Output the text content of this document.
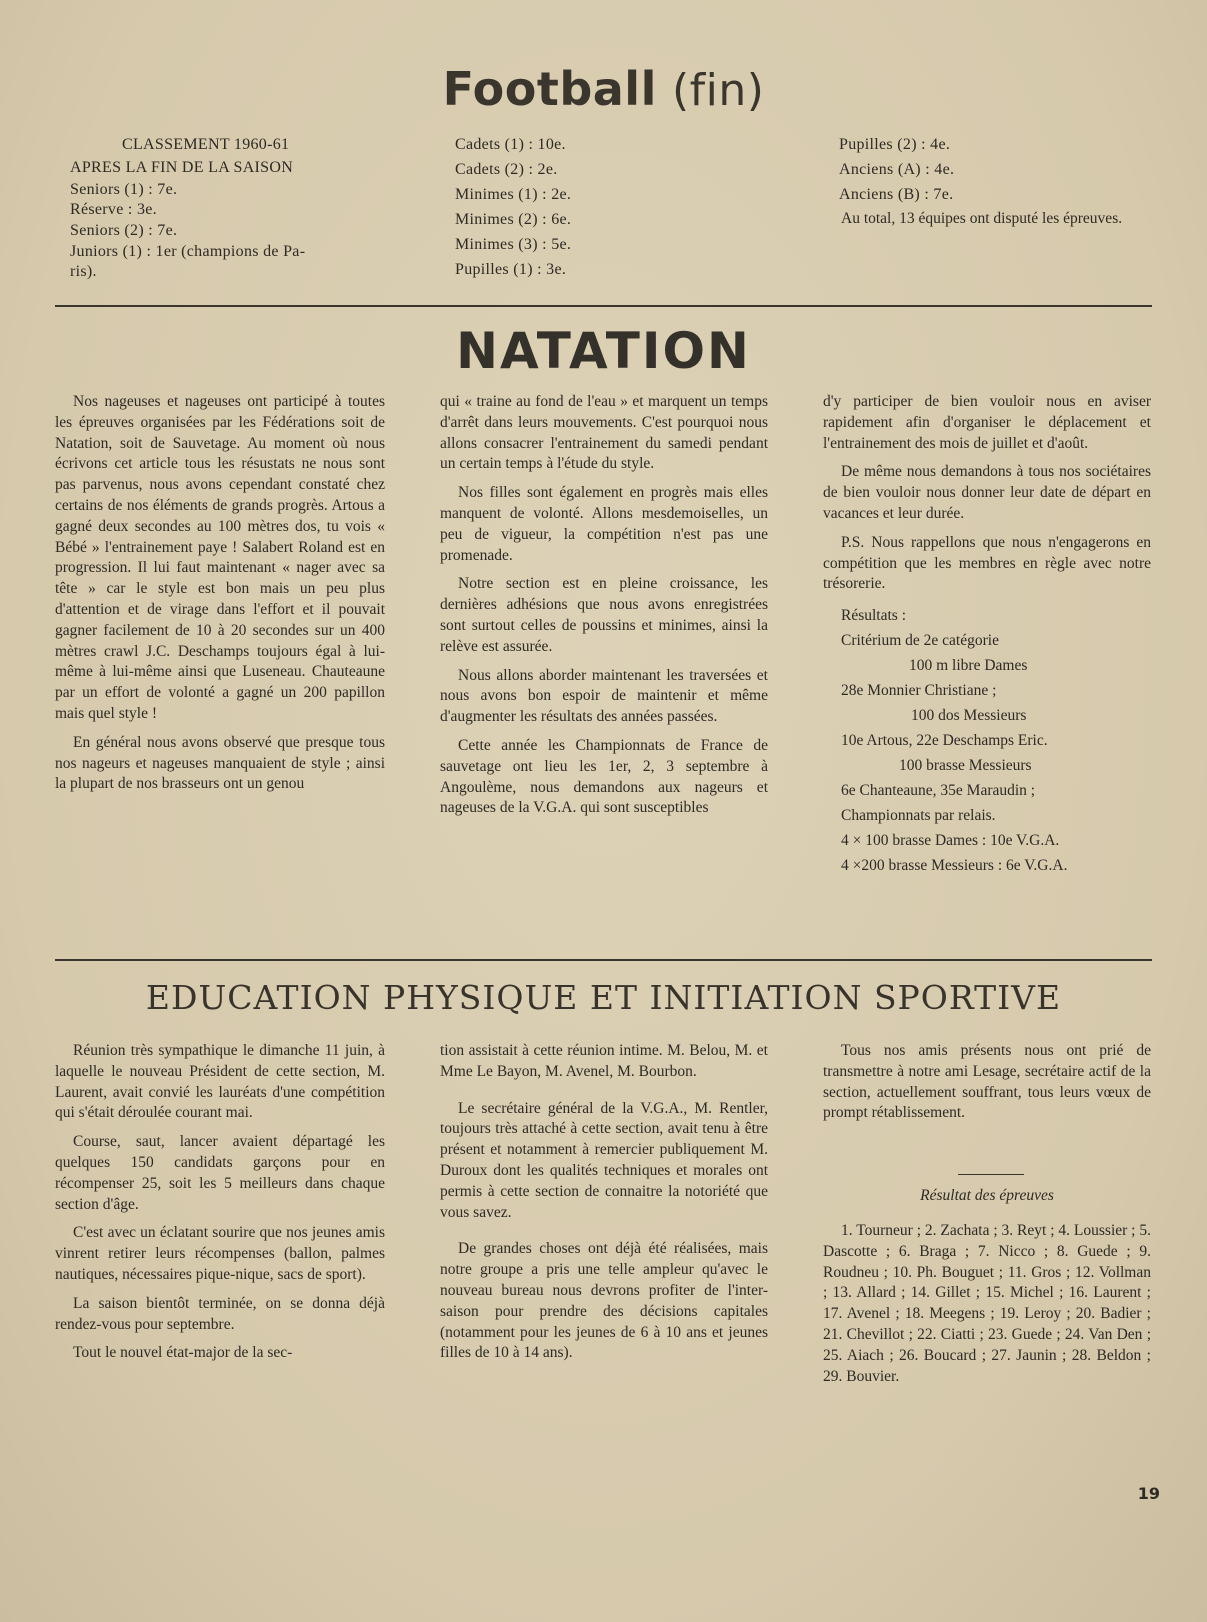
Football (fin)
CLASSEMENT 1960-61
APRES LA FIN DE LA SAISON
Seniors (1) : 7e.
Réserve : 3e.
Seniors (2) : 7e.
Juniors (1) : 1er (champions de Pa-
ris).
Cadets (1) : 10e.
Cadets (2) : 2e.
Minimes (1) : 2e.
Minimes (2) : 6e.
Minimes (3) : 5e.
Pupilles (1) : 3e.
Pupilles (2) : 4e.
Anciens (A) : 4e.
Anciens (B) : 7e.

Au total, 13 équipes ont disputé les épreuves.

NATATION

Nos nageuses et nageuses ont participé à toutes les épreuves organisées par les Fédérations soit de Natation, soit de Sauvetage. Au moment où nous écrivons cet article tous les résustats ne nous sont pas parvenus, nous avons cependant constaté chez certains de nos éléments de grands progrès. Artous a gagné deux secondes au 100 mètres dos, tu vois « Bébé » l'entrainement paye ! Salabert Roland est en progression. Il lui faut maintenant « nager avec sa tête » car le style est bon mais un peu plus d'attention et de virage dans l'effort et il pouvait gagner facilement de 10 à 20 secondes sur un 400 mètres crawl J.C. Deschamps toujours égal à lui-même à lui-même ainsi que Luseneau. Chauteaune par un effort de volonté a gagné un 200 papillon mais quel style !

En général nous avons observé que presque tous nos nageurs et nageuses manquaient de style ; ainsi la plupart de nos brasseurs ont un genou

qui « traine au fond de l'eau » et marquent un temps d'arrêt dans leurs mouvements. C'est pourquoi nous allons consacrer l'entrainement du samedi pendant un certain temps à l'étude du style.

Nos filles sont également en progrès mais elles manquent de volonté. Allons mesdemoiselles, un peu de vigueur, la compétition n'est pas une promenade.

Notre section est en pleine croissance, les dernières adhésions que nous avons enregistrées sont surtout celles de poussins et minimes, ainsi la relève est assurée.

Nous allons aborder maintenant les traversées et nous avons bon espoir de maintenir et même d'augmenter les résultats des années passées.

Cette année les Championnats de France de sauvetage ont lieu les 1er, 2, 3 septembre à Angoulème, nous demandons aux nageurs et nageuses de la V.G.A. qui sont susceptibles

d'y participer de bien vouloir nous en aviser rapidement afin d'organiser le déplacement et l'entrainement des mois de juillet et d'août.

De même nous demandons à tous nos sociétaires de bien vouloir nous donner leur date de départ en vacances et leur durée.

P.S. Nous rappellons que nous n'engagerons en compétition que les membres en règle avec notre trésorerie.

Résultats :
Critérium de 2e catégorie
100 m libre Dames
28e Monnier Christiane ;
100 dos Messieurs
10e Artous, 22e Deschamps Eric.
100 brasse Messieurs
6e Chanteaune, 35e Maraudin ;
Championnats par relais.
4 × 100 brasse Dames : 10e V.G.A.
4 ×200 brasse Messieurs : 6e V.G.A.
EDUCATION PHYSIQUE ET INITIATION SPORTIVE

Réunion très sympathique le dimanche 11 juin, à laquelle le nouveau Président de cette section, M. Laurent, avait convié les lauréats d'une compétition qui s'était déroulée courant mai.

Course, saut, lancer avaient départagé les quelques 150 candidats garçons pour en récompenser 25, soit les 5 meilleurs dans chaque section d'âge.

C'est avec un éclatant sourire que nos jeunes amis vinrent retirer leurs récompenses (ballon, palmes nautiques, nécessaires pique-nique, sacs de sport).

La saison bientôt terminée, on se donna déjà rendez-vous pour septembre.

Tout le nouvel état-major de la sec-

tion assistait à cette réunion intime. M. Belou, M. et Mme Le Bayon, M. Avenel, M. Bourbon.

Le secrétaire général de la V.G.A., M. Rentler, toujours très attaché à cette section, avait tenu à être présent et notamment à remercier publiquement M. Duroux dont les qualités techniques et morales ont permis à cette section de connaitre la notoriété que vous savez.

De grandes choses ont déjà été réalisées, mais notre groupe a pris une telle ampleur qu'avec le nouveau bureau nous devrons profiter de l'inter-saison pour prendre des décisions capitales (notamment pour les jeunes de 6 à 10 ans et jeunes filles de 10 à 14 ans).

Tous nos amis présents nous ont prié de transmettre à notre ami Lesage, secrétaire actif de la section, actuellement souffrant, tous leurs vœux de prompt rétablissement.

Résultat des épreuves

1. Tourneur ; 2. Zachata ; 3. Reyt ; 4. Loussier ; 5. Dascotte ; 6. Braga ; 7. Nicco ; 8. Guede ; 9. Roudneu ; 10. Ph. Bouguet ; 11. Gros ; 12. Vollman ; 13. Allard ; 14. Gillet ; 15. Michel ; 16. Laurent ; 17. Avenel ; 18. Meegens ; 19. Leroy ; 20. Badier ; 21. Chevillot ; 22. Ciatti ; 23. Guede ; 24. Van Den ; 25. Aiach ; 26. Boucard ; 27. Jaunin ; 28. Beldon ; 29. Bouvier.

19
